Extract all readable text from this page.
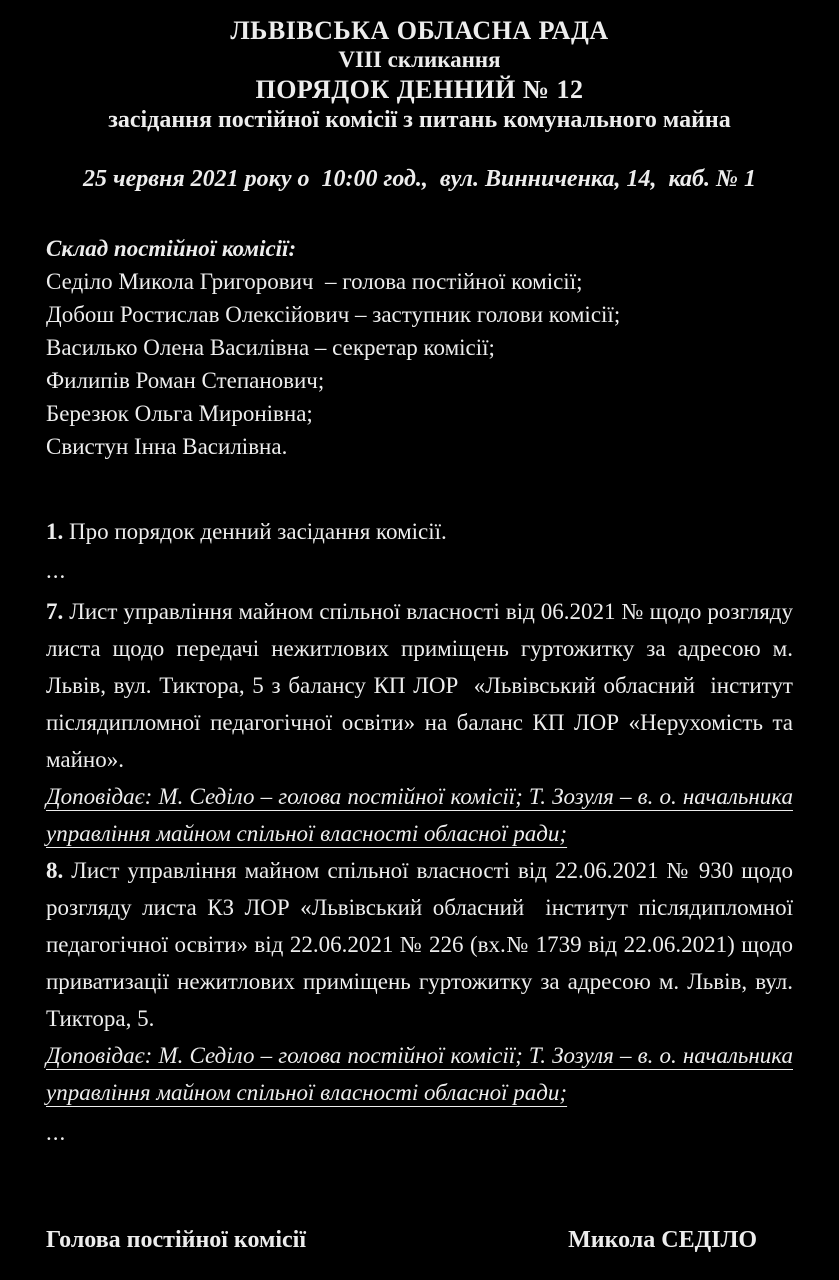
ЛЬВІВСЬКА ОБЛАСНА РАДА
VIII скликання
ПОРЯДОК ДЕННИЙ № 12
засідання постійної комісії з питань комунального майна
25 червня 2021 року о  10:00 год.,  вул. Винниченка, 14,  каб. № 1
Склад постійної комісії:
Седіло Микола Григорович  – голова постійної комісії;
Добош Ростислав Олексійович – заступник голови комісії;
Василько Олена Василівна – секретар комісії;
Филипів Роман Степанович;
Березюк Ольга Миронівна;
Свистун Інна Василівна.
1. Про порядок денний засідання комісії.
...
7. Лист управління майном спільної власності від 06.2021 № щодо розгляду листа щодо передачі нежитлових приміщень гуртожитку за адресою м. Львів, вул. Тиктора, 5 з балансу КП ЛОР  «Львівський обласний  інститут післядипломної педагогічної освіти» на баланс КП ЛОР «Нерухомість та майно».
Доповідає: М. Седіло – голова постійної комісії; Т. Зозуля – в. о. начальника управління майном спільної власності обласної ради;
8. Лист управління майном спільної власності від 22.06.2021 № 930 щодо розгляду листа КЗ ЛОР «Львівський обласний  інститут післядипломної педагогічної освіти» від 22.06.2021 № 226 (вх.№ 1739 від 22.06.2021) щодо приватизації нежитлових приміщень гуртожитку за адресою м. Львів, вул. Тиктора, 5.
Доповідає: М. Седіло – голова постійної комісії; Т. Зозуля – в. о. начальника управління майном спільної власності обласної ради;
...
Голова постійної комісії	Микола СЕДІЛО
